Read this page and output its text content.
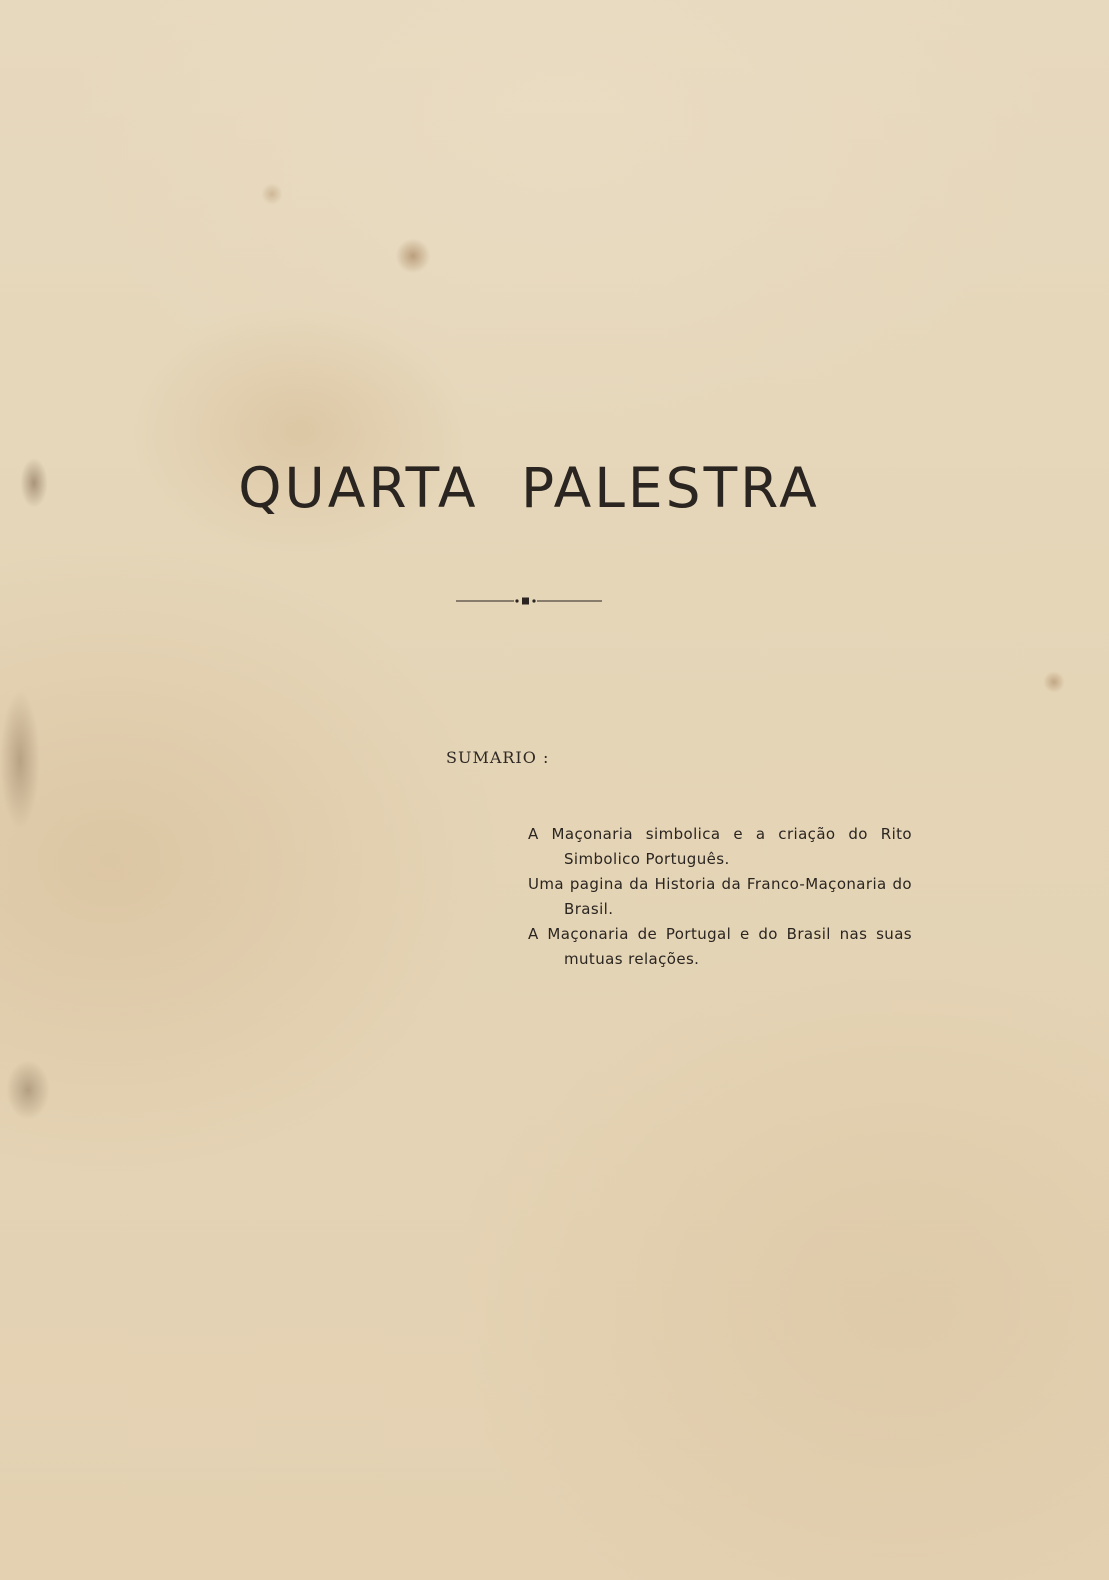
QUARTA PALESTRA
SUMARIO :
A Maçonaria simbolica e a criação do Rito Simbolico Português.
Uma pagina da Historia da Franco-Maçonaria do Brasil.
A Maçonaria de Portugal e do Brasil nas suas mutuas relações.
